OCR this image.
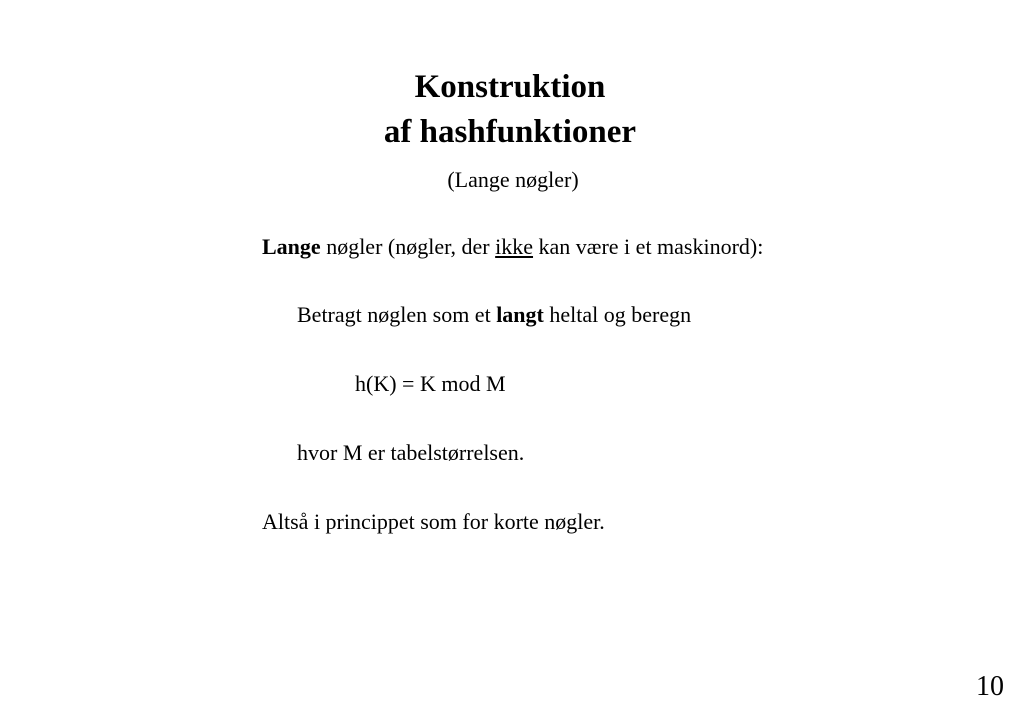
Konstruktion
af hashfunktioner
(Lange nøgler)
Lange nøgler (nøgler, der ikke kan være i et maskinord):
Betragt nøglen som et langt heltal og beregn
h(K) = K mod M
hvor M er tabelstørrelsen.
Altså i princippet som for korte nøgler.
10
